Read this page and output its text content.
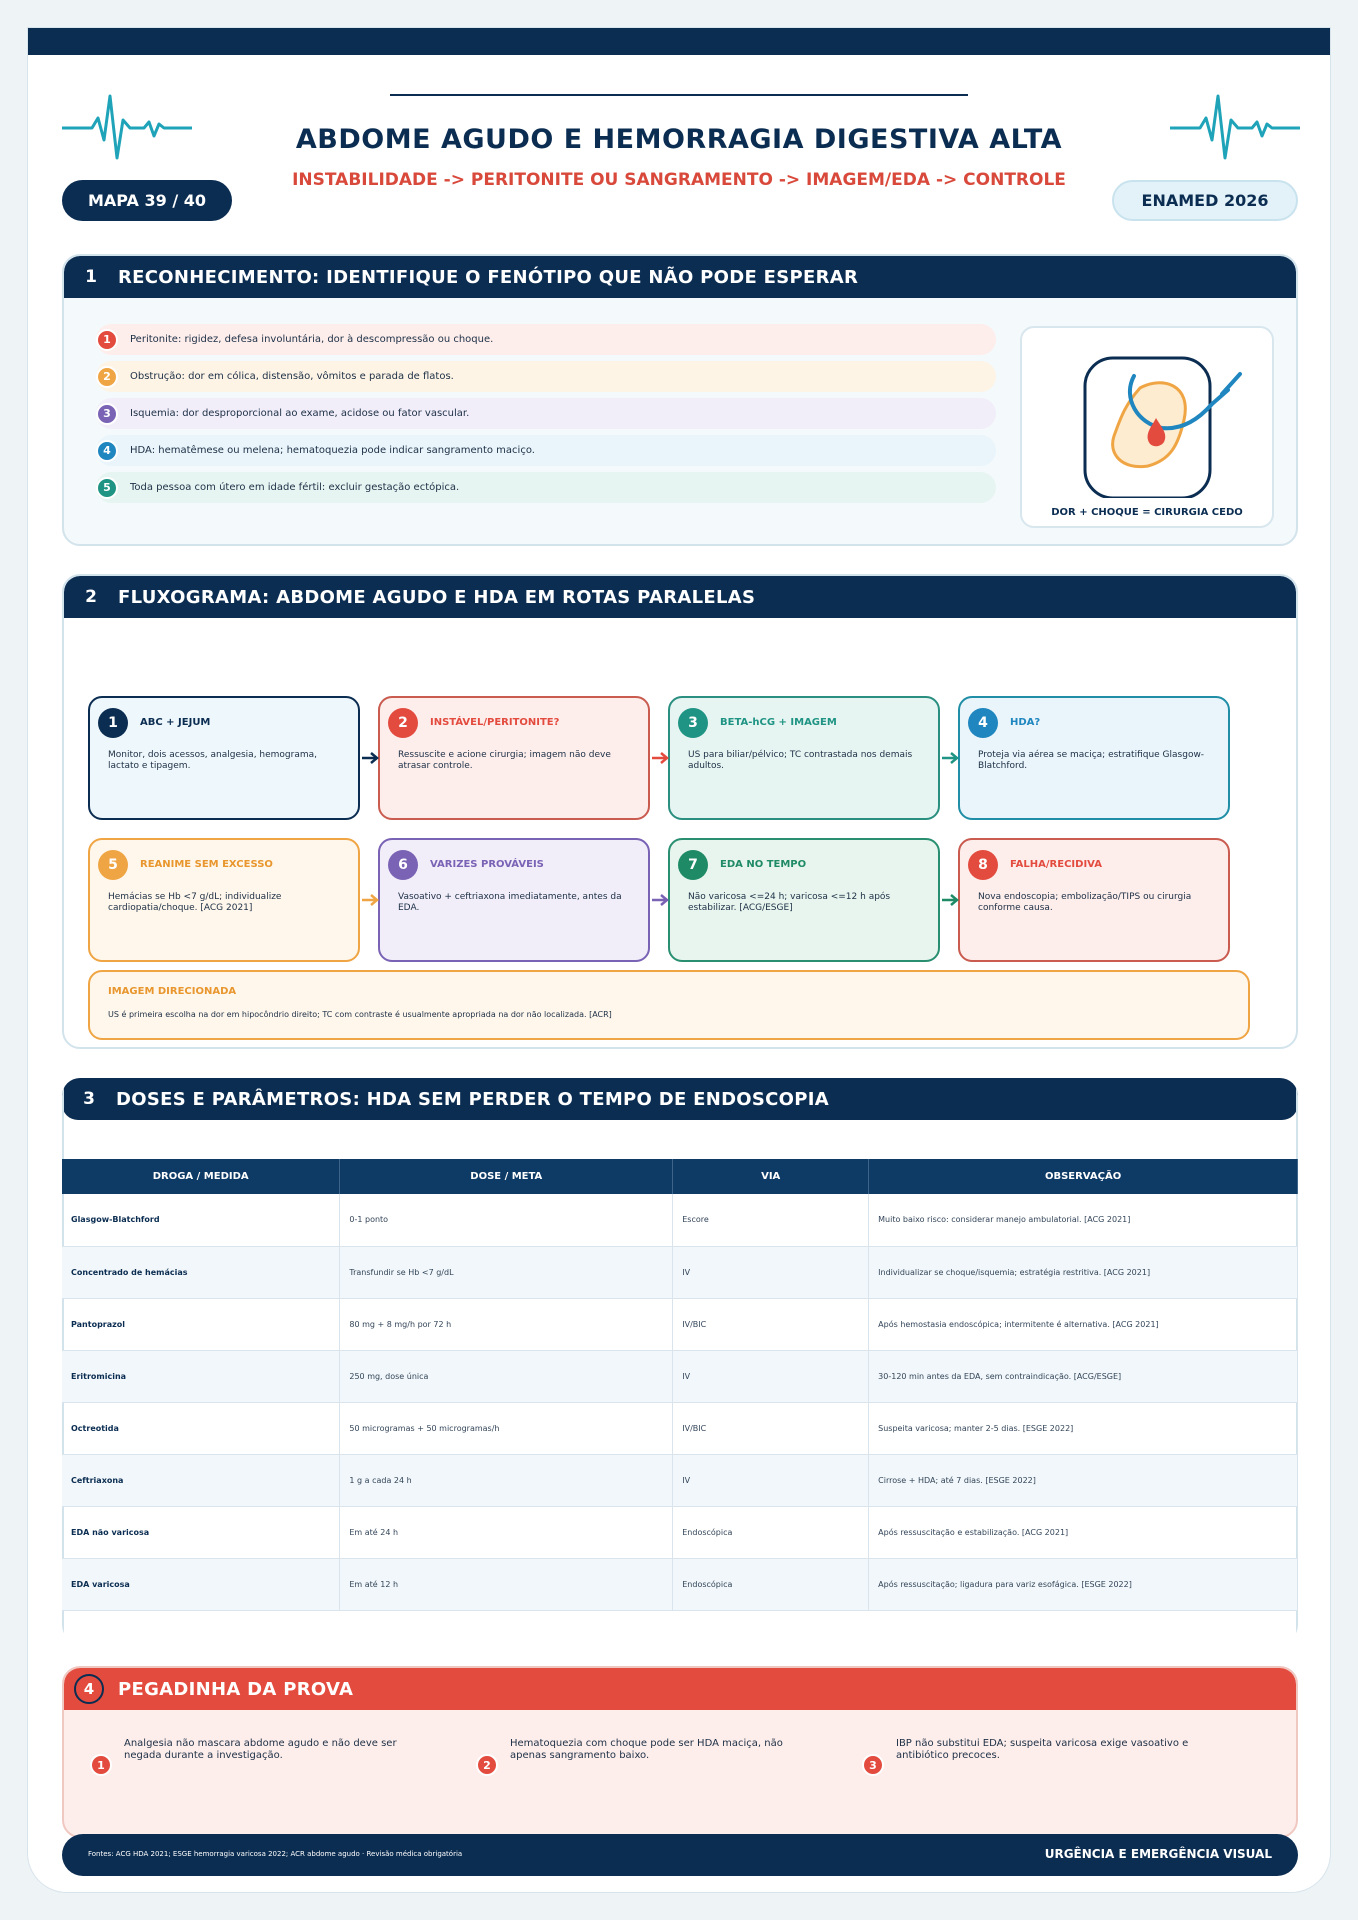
ABDOME AGUDO E HEMORRAGIA DIGESTIVA ALTA
INSTABILIDADE -> PERITONITE OU SANGRAMENTO -> IMAGEM/EDA -> CONTROLE
MAPA 39 / 40	ENAMED 2026
1	RECONHECIMENTO: IDENTIFIQUE O FENÓTIPO QUE NÃO PODE ESPERAR
1	Peritonite: rigidez, defesa involuntária, dor à descompressão ou choque.
2	Obstrução: dor em cólica, distensão, vômitos e parada de flatos.
3	Isquemia: dor desproporcional ao exame, acidose ou fator vascular.
4	HDA: hematêmese ou melena; hematoquezia pode indicar sangramento maciço.
5	Toda pessoa com útero em idade fértil: excluir gestação ectópica.
DOR + CHOQUE = CIRURGIA CEDO
2	FLUXOGRAMA: ABDOME AGUDO E HDA EM ROTAS PARALELAS
1	ABC + JEJUM
Monitor, dois acessos, analgesia, hemograma, lactato e tipagem.
2	INSTÁVEL/PERITONITE?
Ressuscite e acione cirurgia; imagem não deve atrasar controle.
3	BETA-hCG + IMAGEM
US para biliar/pélvico; TC contrastada nos demais adultos.
4	HDA?
Proteja via aérea se maciça; estratifique Glasgow-Blatchford.
5	REANIME SEM EXCESSO
Hemácias se Hb <7 g/dL; individualize cardiopatia/choque. [ACG 2021]
6	VARIZES PROVÁVEIS
Vasoativo + ceftriaxona imediatamente, antes da EDA.
7	EDA NO TEMPO
Não varicosa <=24 h; varicosa <=12 h após estabilizar. [ACG/ESGE]
8	FALHA/RECIDIVA
Nova endoscopia; embolização/TIPS ou cirurgia conforme causa.
IMAGEM DIRECIONADA
US é primeira escolha na dor em hipocôndrio direito; TC com contraste é usualmente apropriada na dor não localizada. [ACR]
3	DOSES E PARÂMETROS: HDA SEM PERDER O TEMPO DE ENDOSCOPIA
DROGA / MEDIDA	DOSE / META	VIA	OBSERVAÇÃO
Glasgow-Blatchford	0-1 ponto	Escore	Muito baixo risco: considerar manejo ambulatorial. [ACG 2021]
Concentrado de hemácias	Transfundir se Hb <7 g/dL	IV	Individualizar se choque/isquemia; estratégia restritiva. [ACG 2021]
Pantoprazol	80 mg + 8 mg/h por 72 h	IV/BIC	Após hemostasia endoscópica; intermitente é alternativa. [ACG 2021]
Eritromicina	250 mg, dose única	IV	30-120 min antes da EDA, sem contraindicação. [ACG/ESGE]
Octreotida	50 microgramas + 50 microgramas/h	IV/BIC	Suspeita varicosa; manter 2-5 dias. [ESGE 2022]
Ceftriaxona	1 g a cada 24 h	IV	Cirrose + HDA; até 7 dias. [ESGE 2022]
EDA não varicosa	Em até 24 h	Endoscópica	Após ressuscitação e estabilização. [ACG 2021]
EDA varicosa	Em até 12 h	Endoscópica	Após ressuscitação; ligadura para variz esofágica. [ESGE 2022]
4	PEGADINHA DA PROVA
1
Analgesia não mascara abdome agudo e não deve ser negada durante a investigação.
2
Hematoquezia com choque pode ser HDA maciça, não apenas sangramento baixo.
3
IBP não substitui EDA; suspeita varicosa exige vasoativo e antibiótico precoces.
Fontes: ACG HDA 2021; ESGE hemorragia varicosa 2022; ACR abdome agudo · Revisão médica obrigatória	URGÊNCIA E EMERGÊNCIA VISUAL
